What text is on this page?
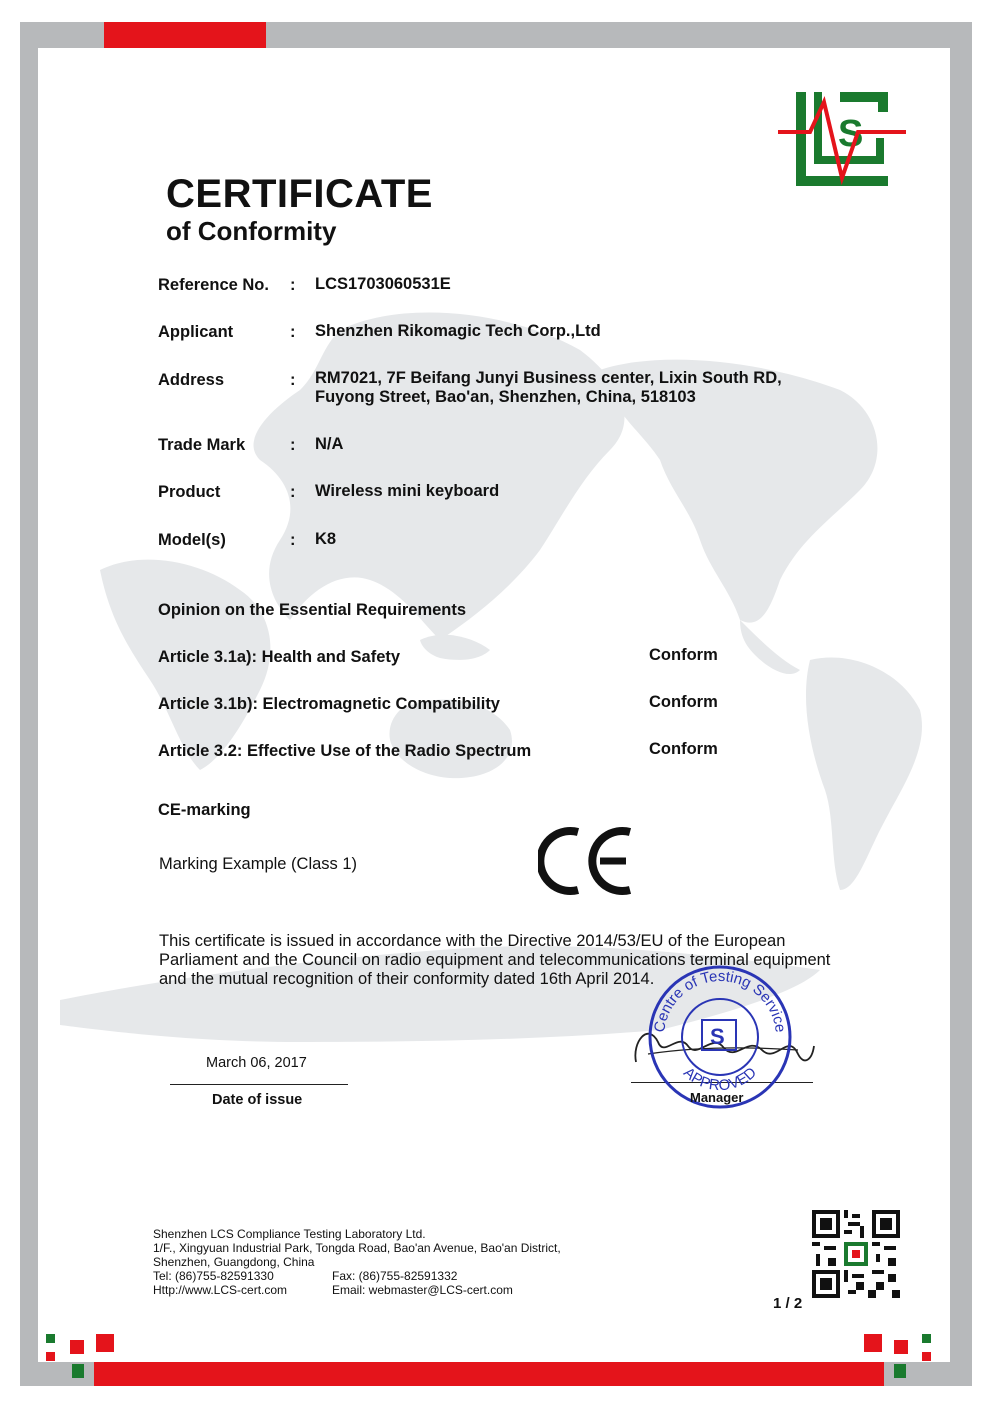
S
CERTIFICATE
of Conformity
Reference No. : LCS1703060531E
Applicant	: Shenzhen Rikomagic Tech Corp.,Ltd
Address	: RM7021, 7F Beifang Junyi Business center, Lixin South RD,
Fuyong Street, Bao'an, Shenzhen, China, 518103
Trade Mark	: N/A
Product	: Wireless mini keyboard
Model(s)	: K8
Opinion on the Essential Requirements
Article 3.1a): Health and Safety	Conform
Article 3.1b): Electromagnetic Compatibility	Conform
Article 3.2: Effective Use of the Radio Spectrum	Conform
CE-marking
Marking Example (Class 1)
This certificate is issued in accordance with the Directive 2014/53/EU of the European
Parliament and the Council on radio equipment and telecommunications terminal equipment
and the mutual recognition of their conformity dated 16th April 2014.
March 06, 2017
Date of issue
Centre of Testing Service
APPROVED
S
Manager
Shenzhen LCS Compliance Testing Laboratory Ltd.
1/F., Xingyuan Industrial Park, Tongda Road, Bao'an Avenue, Bao'an District,
Shenzhen, Guangdong, China
Tel: (86)755-82591330	Fax: (86)755-82591332
Http://www.LCS-cert.com	Email: webmaster@LCS-cert.com
1 / 2
